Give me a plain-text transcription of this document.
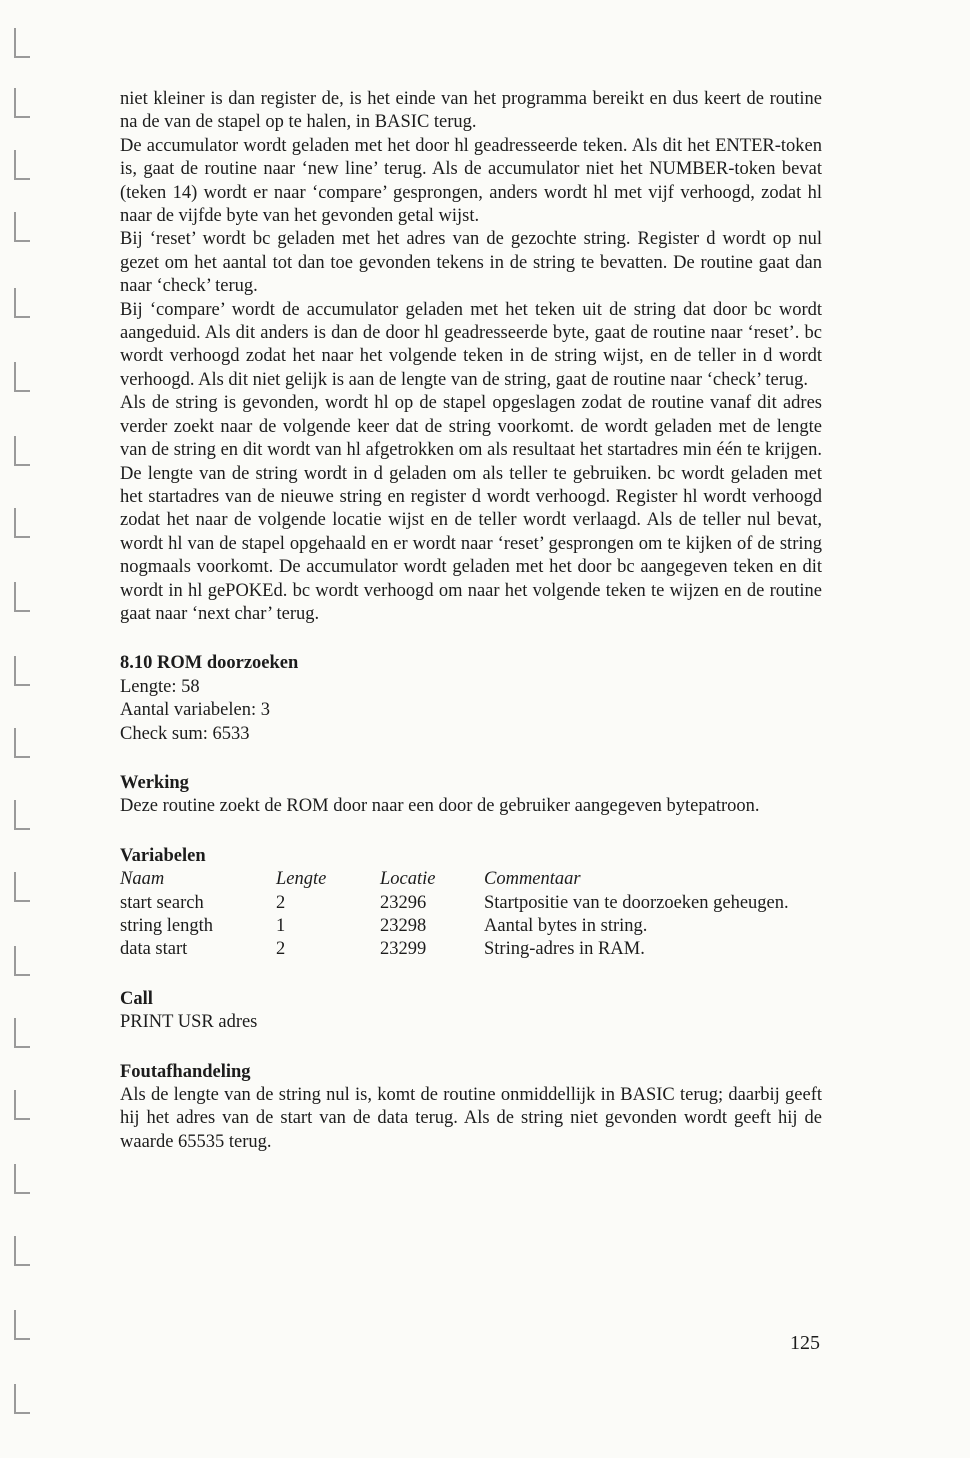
niet kleiner is dan register de, is het einde van het programma bereikt en dus keert de routine na de van de stapel op te halen, in BASIC terug.

De accumulator wordt geladen met het door hl geadresseerde teken. Als dit het ENTER-token is, gaat de routine naar ‘new line’ terug. Als de accumulator niet het NUMBER-token bevat (teken 14) wordt er naar ‘compare’ gesprongen, anders wordt hl met vijf verhoogd, zodat hl naar de vijfde byte van het gevonden getal wijst.

Bij ‘reset’ wordt bc geladen met het adres van de gezochte string. Register d wordt op nul gezet om het aantal tot dan toe gevonden tekens in de string te bevatten. De routine gaat dan naar ‘check’ terug.

Bij ‘compare’ wordt de accumulator geladen met het teken uit de string dat door bc wordt aangeduid. Als dit anders is dan de door hl geadresseerde byte, gaat de routine naar ‘reset’. bc wordt verhoogd zodat het naar het volgende teken in de string wijst, en de teller in d wordt verhoogd. Als dit niet gelijk is aan de lengte van de string, gaat de routine naar ‘check’ terug.

Als de string is gevonden, wordt hl op de stapel opgeslagen zodat de routine vanaf dit adres verder zoekt naar de volgende keer dat de string voorkomt. de wordt geladen met de lengte van de string en dit wordt van hl afgetrokken om als resultaat het startadres min één te krijgen. De lengte van de string wordt in d geladen om als teller te gebruiken. bc wordt geladen met het startadres van de nieuwe string en register d wordt verhoogd. Register hl wordt verhoogd zodat het naar de volgende locatie wijst en de teller wordt verlaagd. Als de teller nul bevat, wordt hl van de stapel opgehaald en er wordt naar ‘reset’ gesprongen om te kijken of de string nogmaals voorkomt. De accumulator wordt geladen met het door bc aangegeven teken en dit wordt in hl gePOKEd. bc wordt verhoogd om naar het volgende teken te wijzen en de routine gaat naar ‘next char’ terug.

8.10 ROM doorzoeken

Lengte: 58

Aantal variabelen: 3

Check sum: 6533

Werking

Deze routine zoekt de ROM door naar een door de gebruiker aangegeven bytepatroon.

Variabelen
Naam	Lengte	Locatie	Commentaar
start search	2	23296	Startpositie van te doorzoeken geheugen.
string length	1	23298	Aantal bytes in string.
data start	2	23299	String-adres in RAM.
Call

PRINT USR adres

Foutafhandeling

Als de lengte van de string nul is, komt de routine onmiddellijk in BASIC terug; daarbij geeft hij het adres van de start van de data terug. Als de string niet gevonden wordt geeft hij de waarde 65535 terug.

125
